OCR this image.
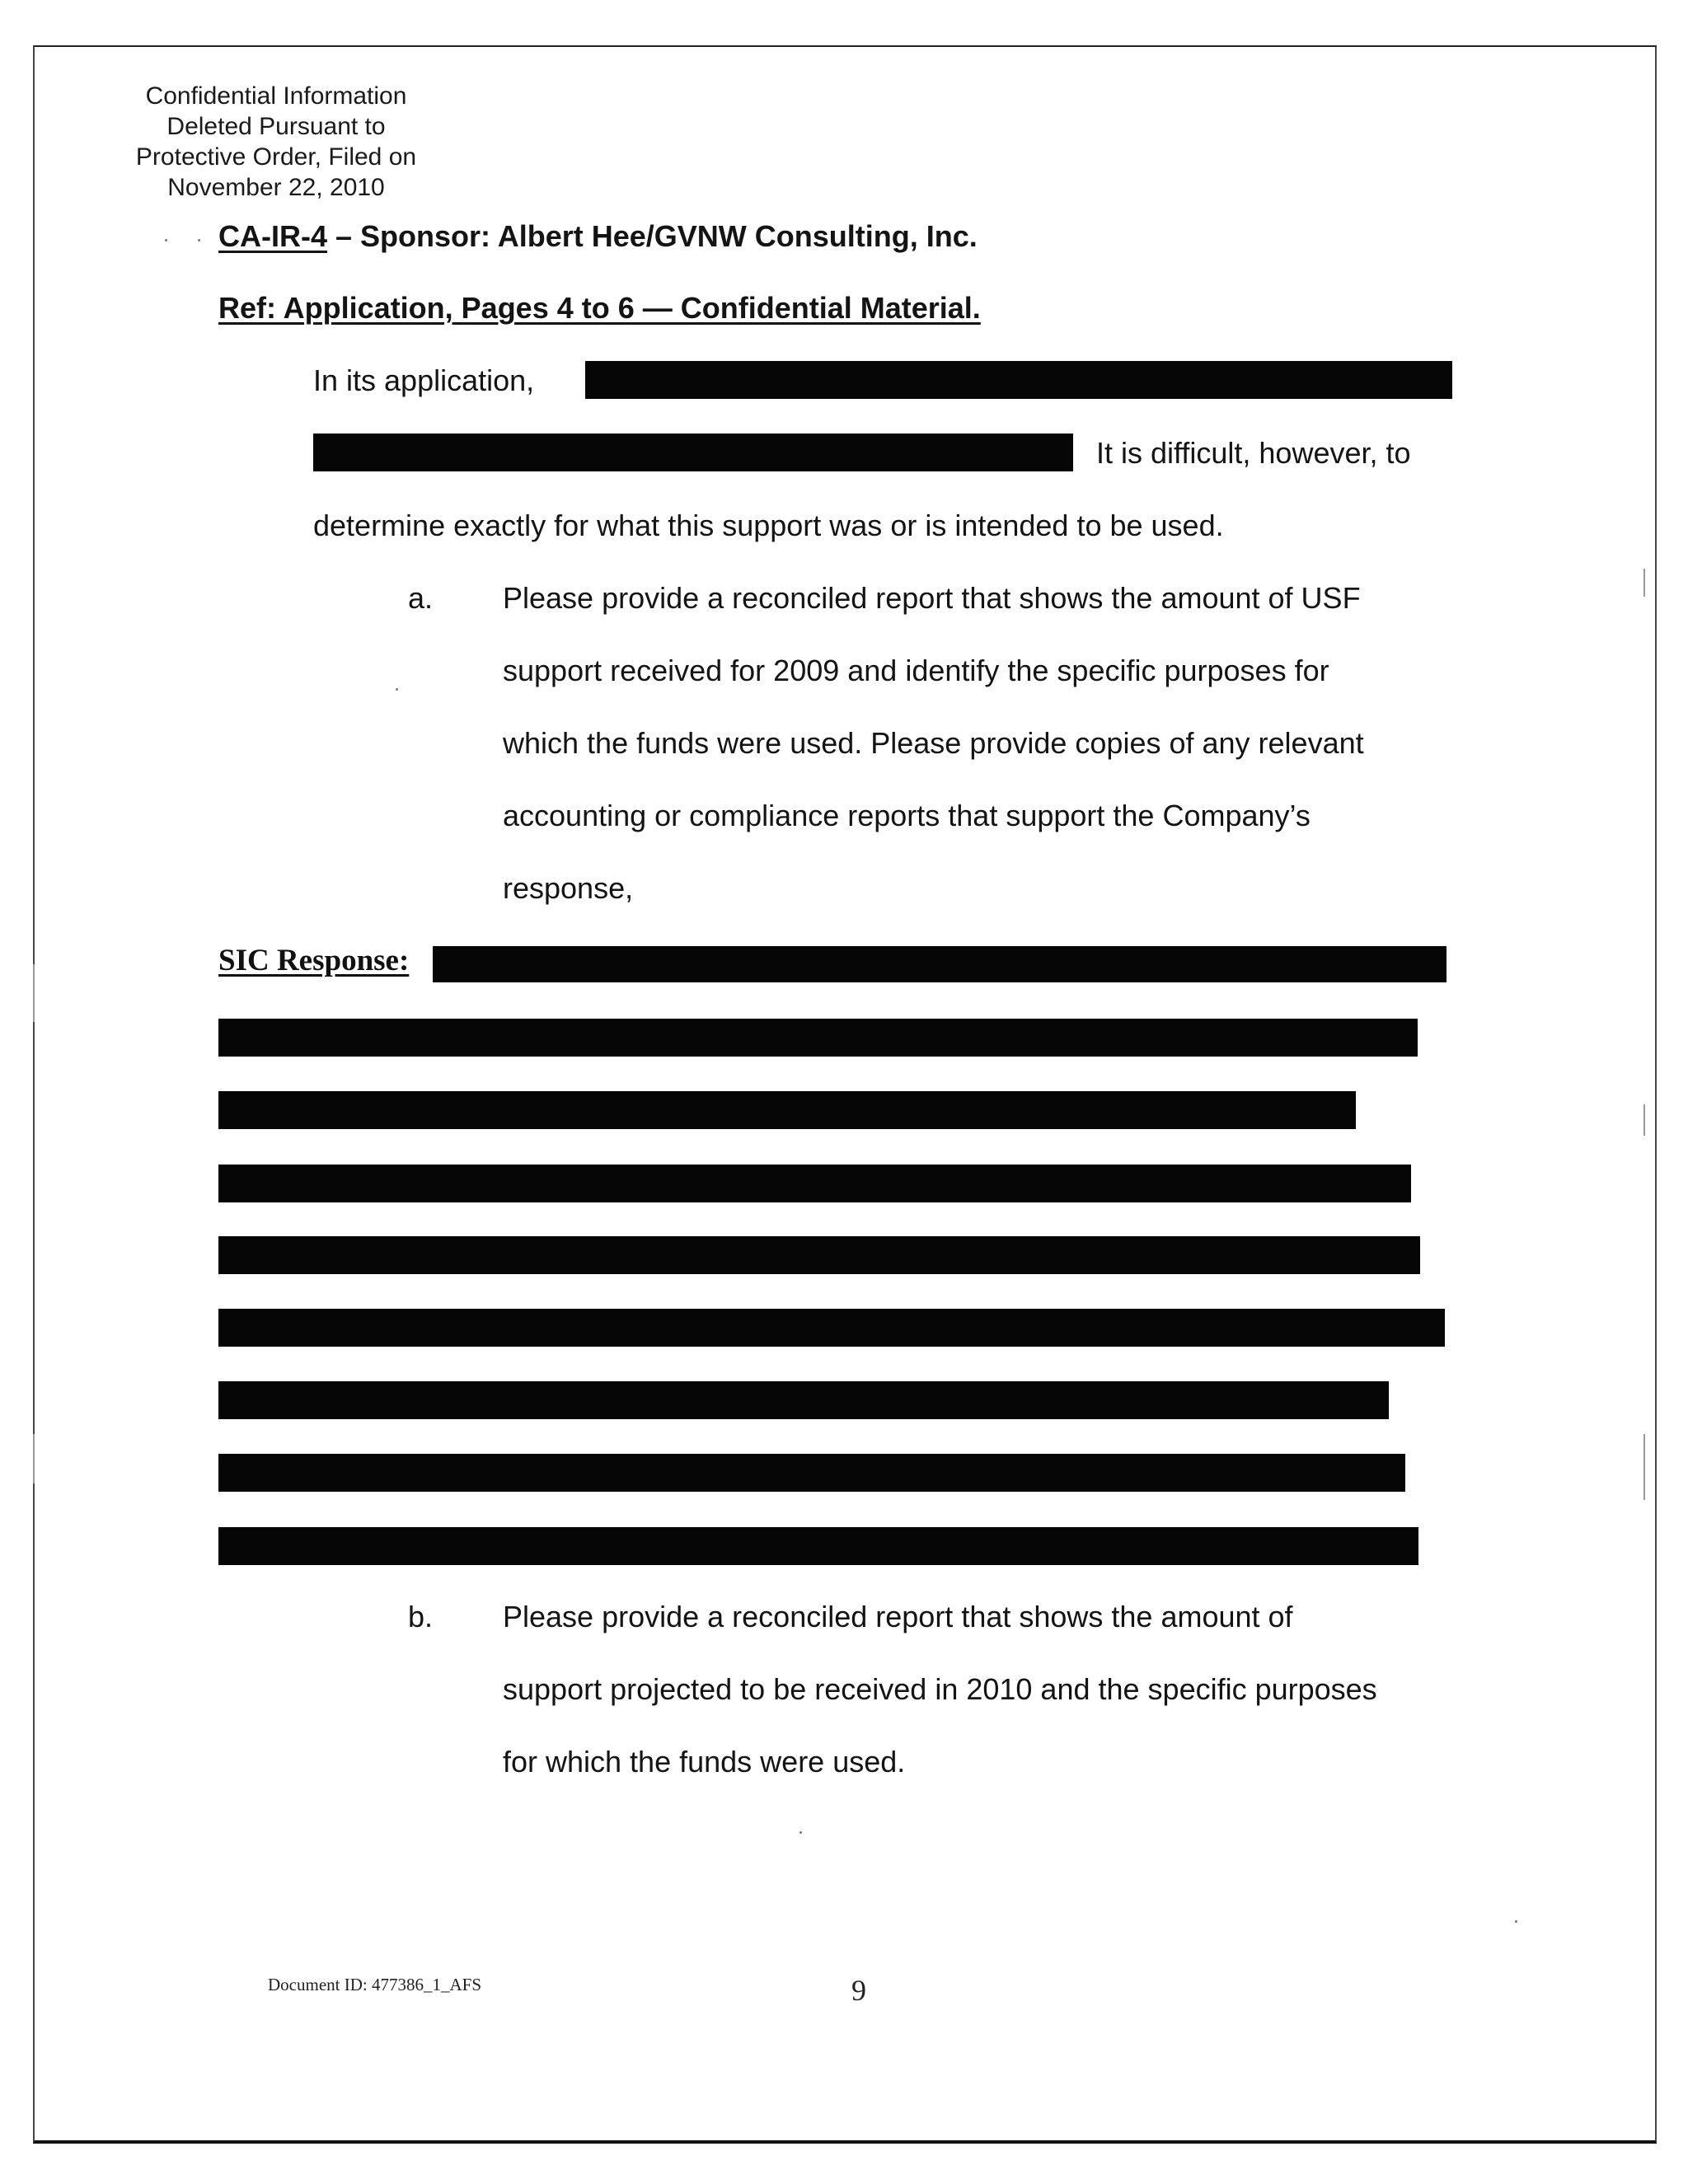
Confidential Information
Deleted Pursuant to
Protective Order, Filed on
November 22, 2010
CA-IR-4 – Sponsor: Albert Hee/GVNW Consulting, Inc.
Ref: Application, Pages 4 to 6 — Confidential Material.
In its application,
It is difficult, however, to
determine exactly for what this support was or is intended to be used.
a. Please provide a reconciled report that shows the amount of USF
support received for 2009 and identify the specific purposes for
which the funds were used. Please provide copies of any relevant
accounting or compliance reports that support the Company’s
response,
SIC Response:
b. Please provide a reconciled report that shows the amount of
support projected to be received in 2010 and the specific purposes
for which the funds were used.
Document ID: 477386_1_AFS	9
